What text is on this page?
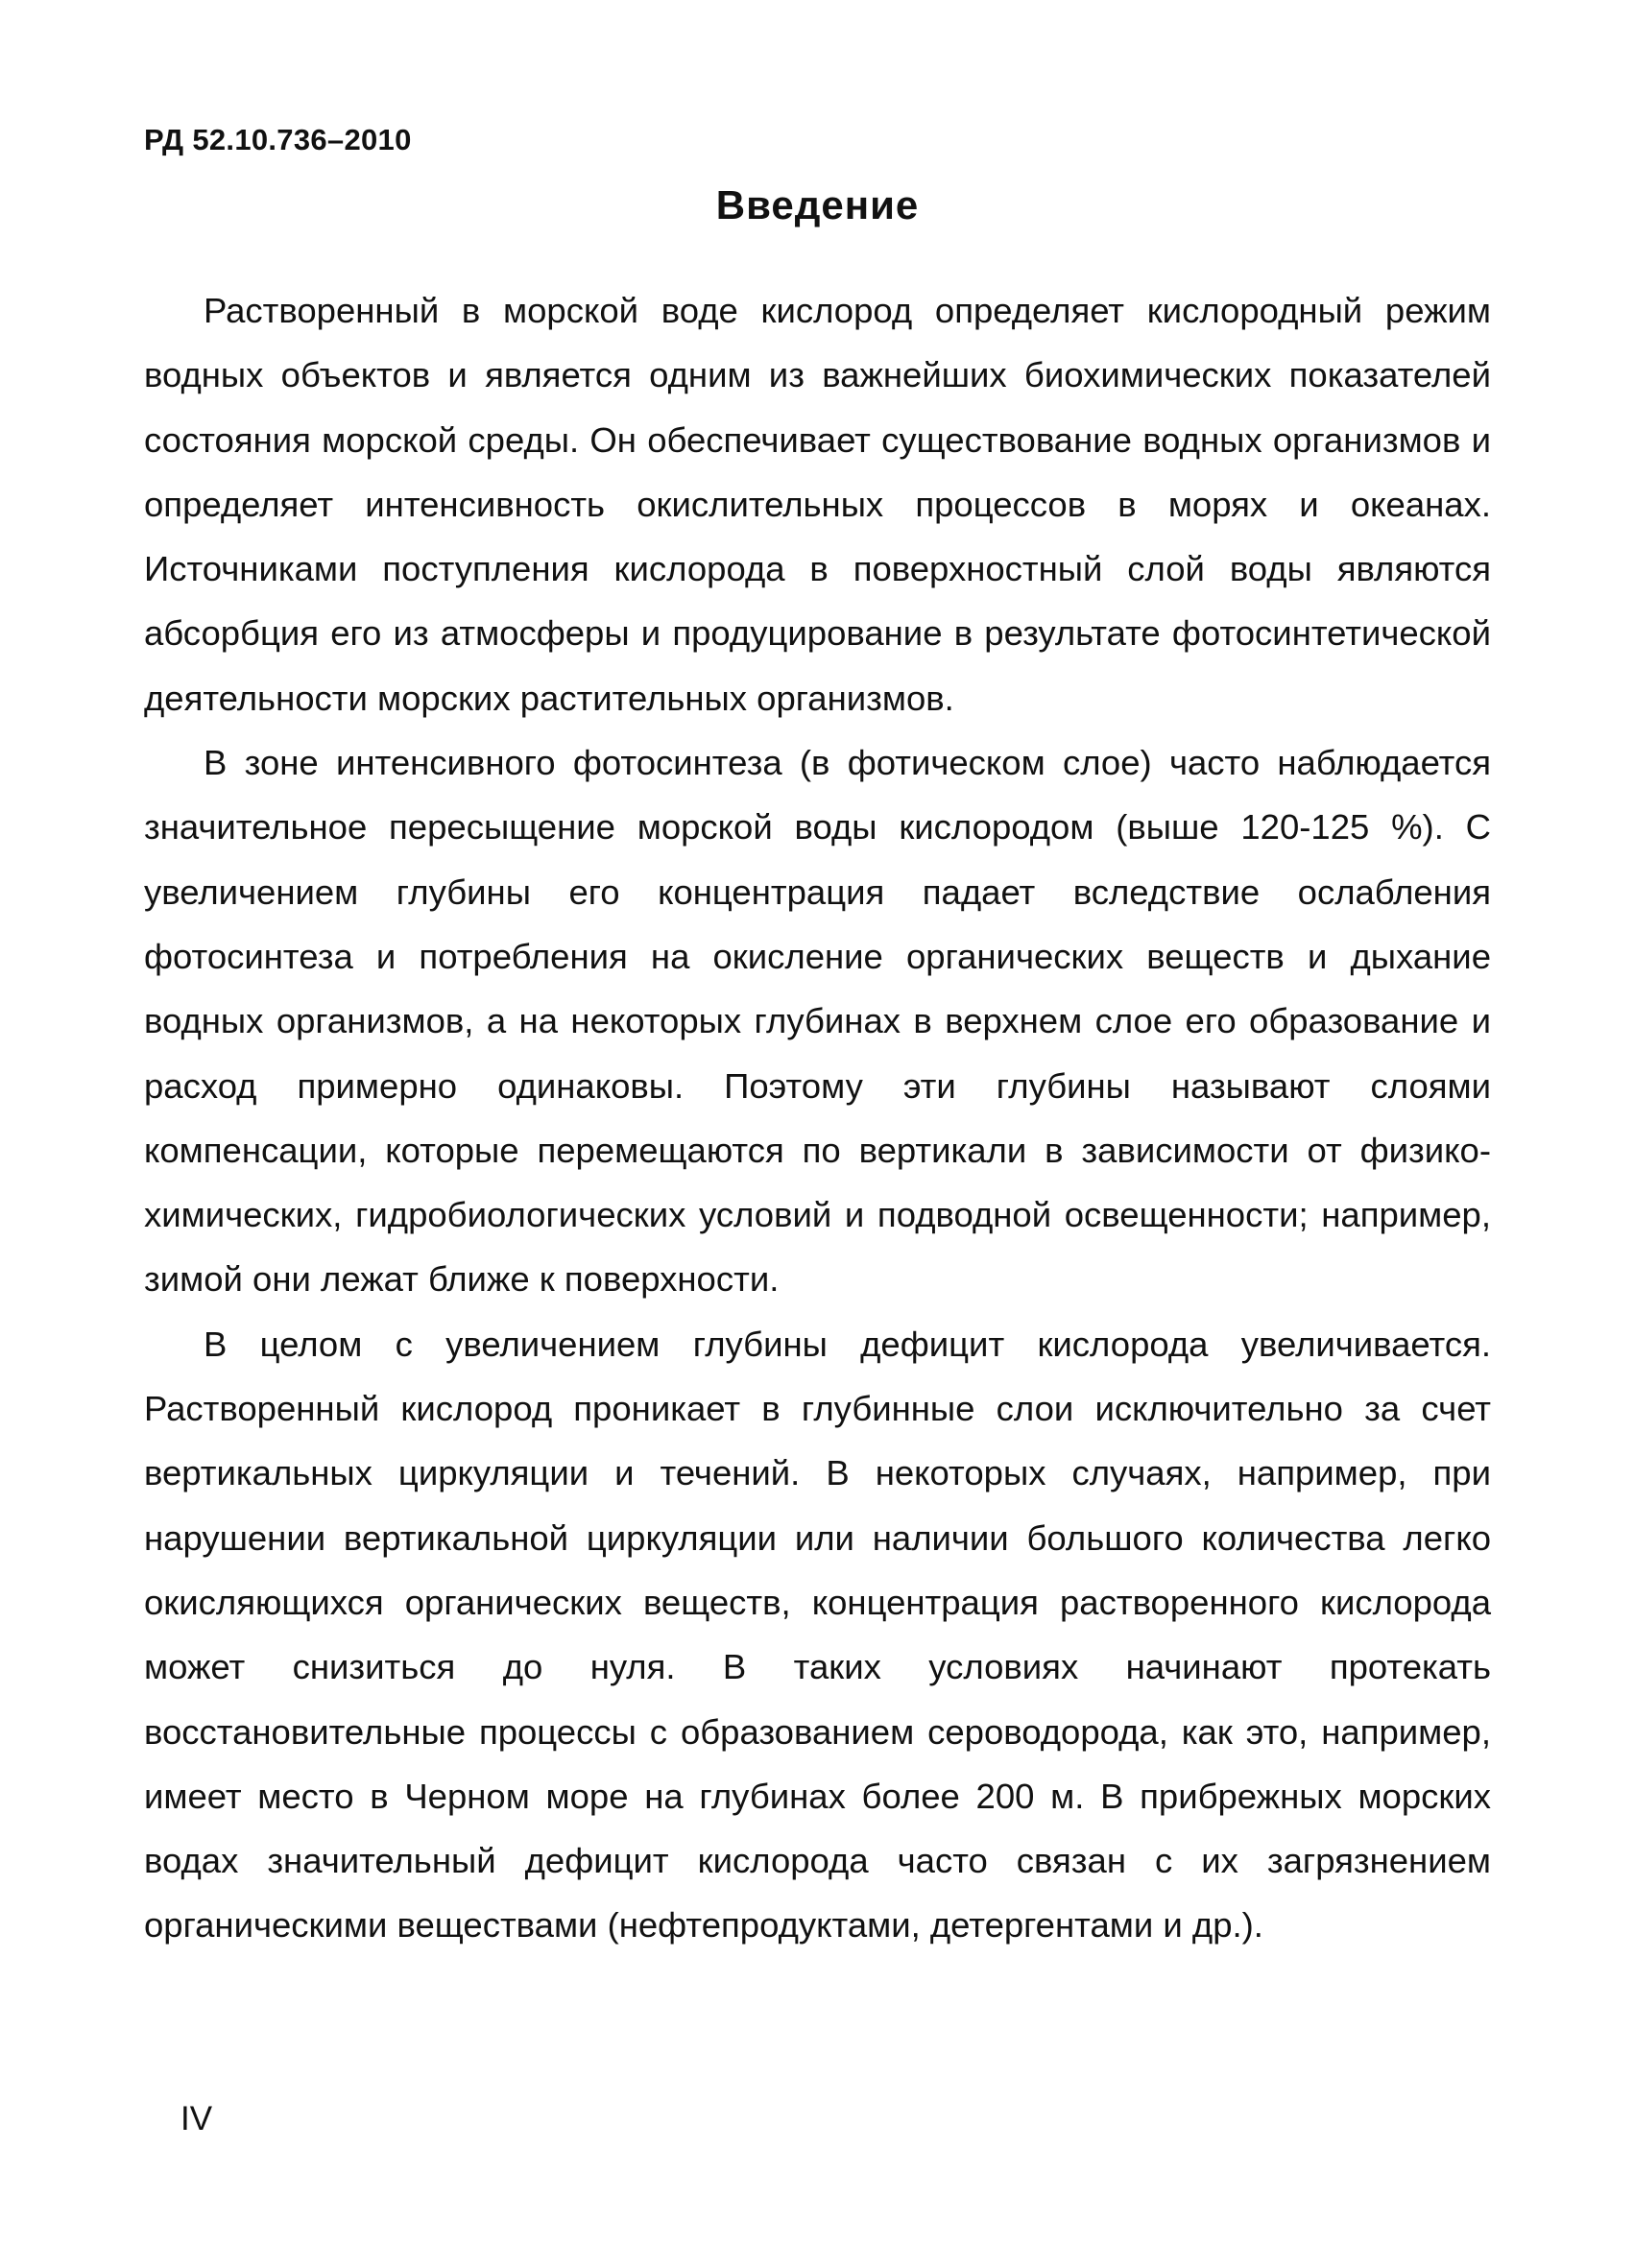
РД 52.10.736–2010
Введение

Растворенный в морской воде кислород определяет кислородный режим водных объектов и является одним из важнейших биохимических показателей состояния морской среды. Он обеспечивает существование водных организмов и определяет интенсивность окислительных процессов в морях и океанах. Источниками поступления кислорода в поверхностный слой воды являются абсорбция его из атмосферы и продуцирование в результате фотосинтетической деятельности морских растительных организмов.

В зоне интенсивного фотосинтеза (в фотическом слое) часто наблюдается значительное пересыщение морской воды кислородом (выше 120-125 %). С увеличением глубины его концентрация падает вследствие ослабления фотосинтеза и потребления на окисление органических веществ и дыхание водных организмов, а на некоторых глубинах в верхнем слое его образование и расход примерно одинаковы. Поэтому эти глубины называют слоями компенсации, которые перемещаются по вертикали в зависимости от физико-химических, гидробиологических условий и подводной освещенности; например, зимой они лежат ближе к поверхности.

В целом с увеличением глубины дефицит кислорода увеличивается. Растворенный кислород проникает в глубинные слои исключительно за счет вертикальных циркуляции и течений. В некоторых случаях, например, при нарушении вертикальной циркуляции или наличии большого количества легко окисляющихся органических веществ, концентрация растворенного кислорода может снизиться до нуля. В таких условиях начинают протекать восстановительные процессы с образованием сероводорода, как это, например, имеет место в Черном море на глубинах более 200 м. В прибрежных морских водах значительный дефицит кислорода часто связан с их загрязнением органическими веществами (нефтепродуктами, детергентами и др.).

IV
